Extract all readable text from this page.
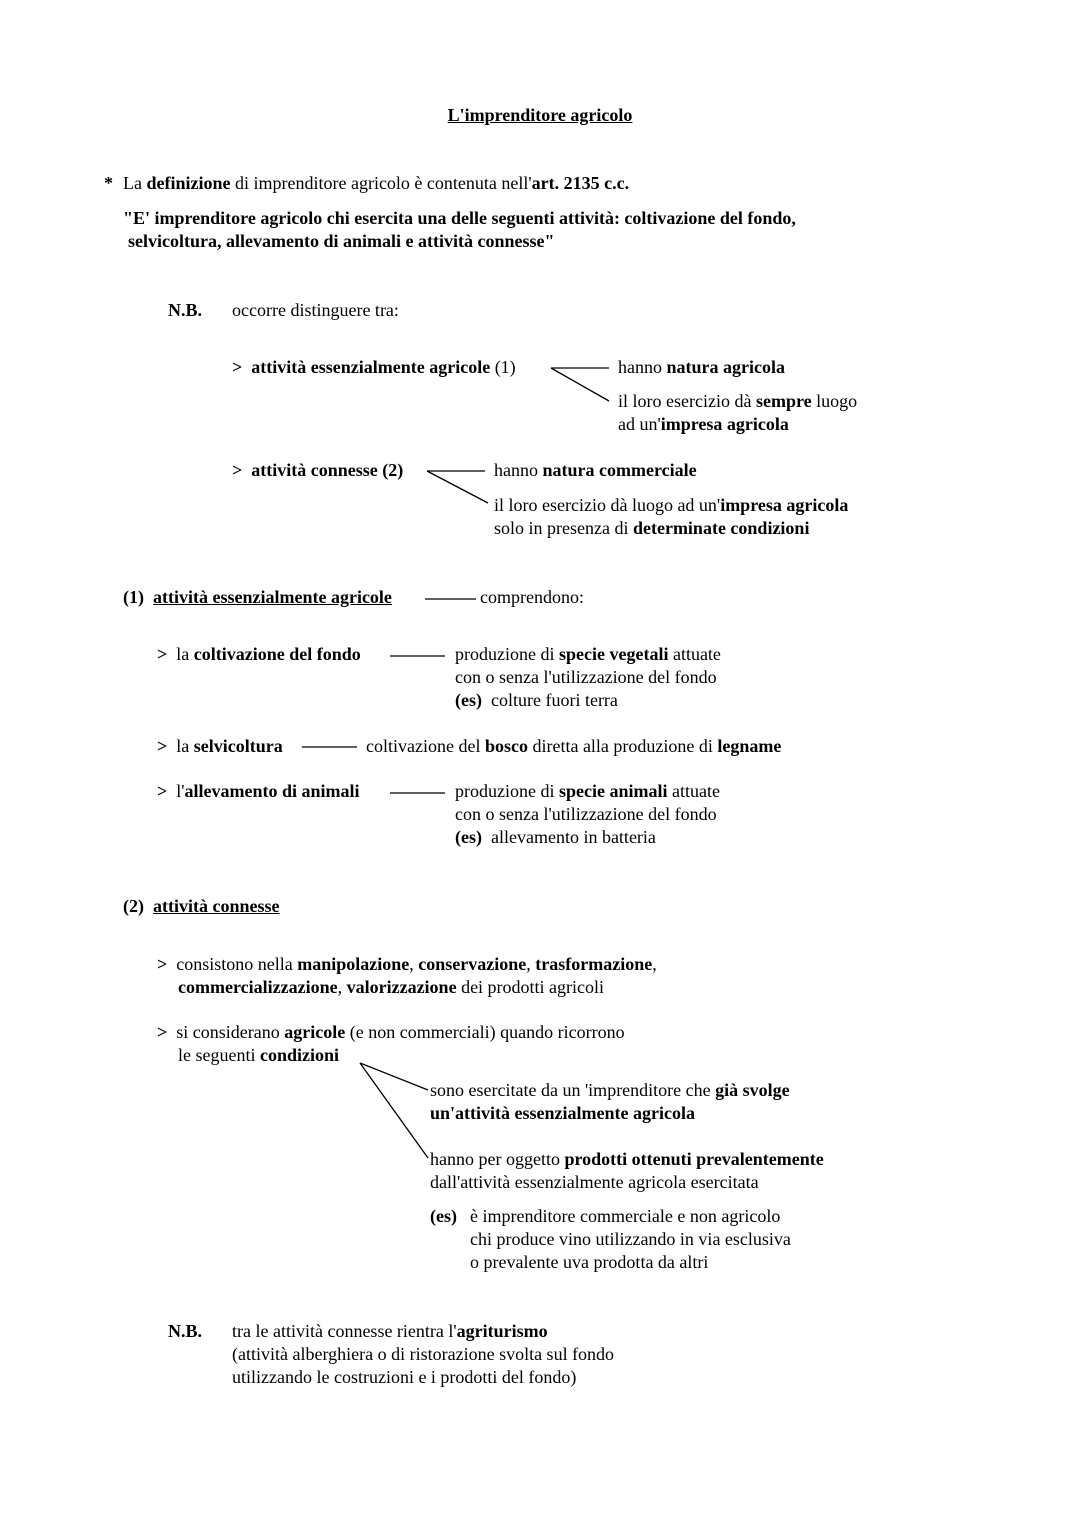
L'imprenditore agricolo

* La definizione di imprenditore agricolo è contenuta nell'art. 2135 c.c.

"E' imprenditore agricolo chi esercita una delle seguenti attività: coltivazione del fondo,

selvicoltura, allevamento di animali e attività connesse"

N.B. occorre distinguere tra:

> attività essenzialmente agricole (1)	hanno natura agricola

il loro esercizio dà sempre luogo

ad un'impresa agricola

> attività connesse (2)	hanno natura commerciale

il loro esercizio dà luogo ad un'impresa agricola

solo in presenza di determinate condizioni

(1) attività essenzialmente agricole	comprendono:

> la coltivazione del fondo	produzione di specie vegetali attuate

con o senza l'utilizzazione del fondo

(es) colture fuori terra

> la selvicoltura	coltivazione del bosco diretta alla produzione di legname

> l'allevamento di animali	produzione di specie animali attuate

con o senza l'utilizzazione del fondo

(es) allevamento in batteria

(2) attività connesse

> consistono nella manipolazione, conservazione, trasformazione,

commercializzazione, valorizzazione dei prodotti agricoli

> si considerano agricole (e non commerciali) quando ricorrono

le seguenti condizioni

sono esercitate da un 'imprenditore che già svolge

un'attività essenzialmente agricola

hanno per oggetto prodotti ottenuti prevalentemente

dall'attività essenzialmente agricola esercitata

(es) è imprenditore commerciale e non agricolo

chi produce vino utilizzando in via esclusiva

o prevalente uva prodotta da altri

N.B. tra le attività connesse rientra l'agriturismo

(attività alberghiera o di ristorazione svolta sul fondo

utilizzando le costruzioni e i prodotti del fondo)
